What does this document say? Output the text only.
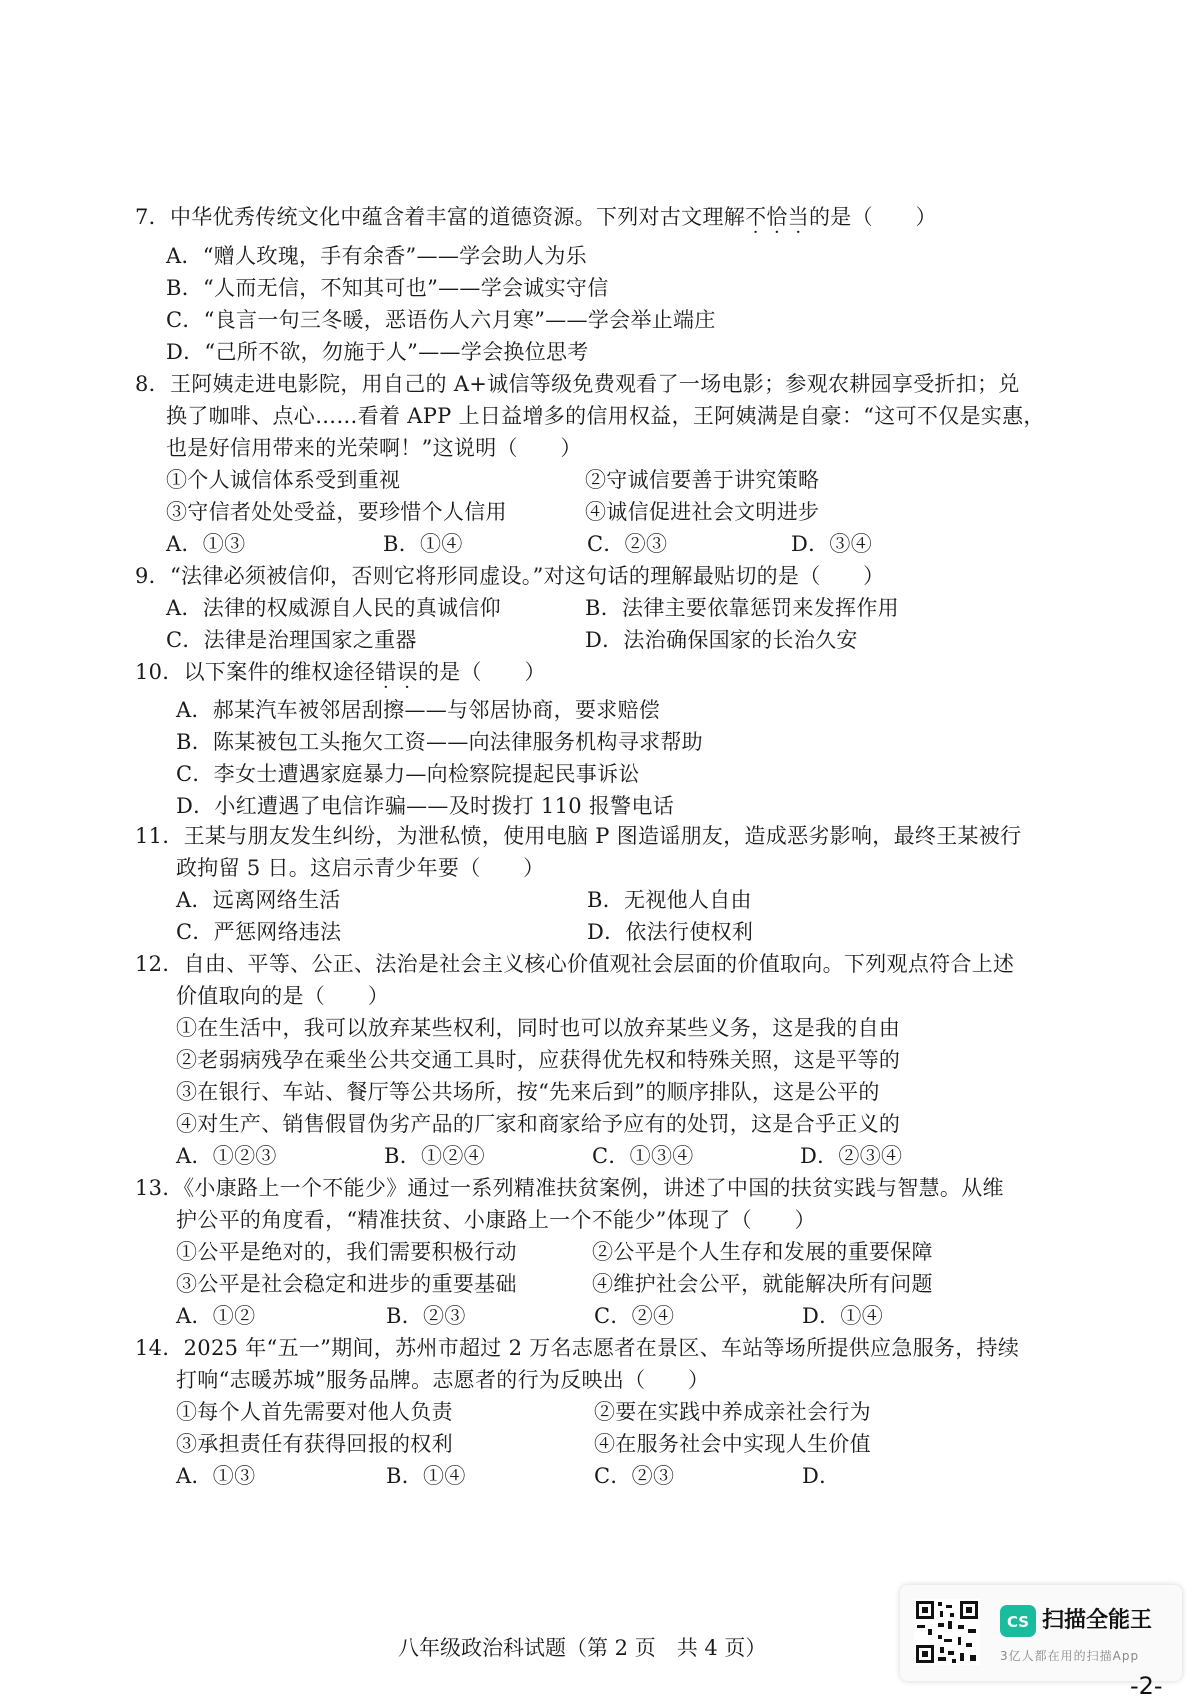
7．中华优秀传统文化中蕴含着丰富的道德资源。下列对古文理解不恰当的是（　　）
A．“赠人玫瑰，手有余香”——学会助人为乐
B．“人而无信，不知其可也”——学会诚实守信
C．“良言一句三冬暖，恶语伤人六月寒”——学会举止端庄
D．“己所不欲，勿施于人”——学会换位思考
8．王阿姨走进电影院，用自己的 A+诚信等级免费观看了一场电影；参观农耕园享受折扣；兑
换了咖啡、点心……看着 APP 上日益增多的信用权益，王阿姨满是自豪：“这可不仅是实惠，
也是好信用带来的光荣啊！”这说明（　　）
①个人诚信体系受到重视	②守诚信要善于讲究策略
③守信者处处受益，要珍惜个人信用	④诚信促进社会文明进步
A．①③	B．①④	C．②③	D．③④
9．“法律必须被信仰，否则它将形同虚设。”对这句话的理解最贴切的是（　　）
A．法律的权威源自人民的真诚信仰	B．法律主要依靠惩罚来发挥作用
C．法律是治理国家之重器	D．法治确保国家的长治久安
10．以下案件的维权途径错误的是（　　）
A．郝某汽车被邻居刮擦——与邻居协商，要求赔偿
B．陈某被包工头拖欠工资——向法律服务机构寻求帮助
C．李女士遭遇家庭暴力—向检察院提起民事诉讼
D．小红遭遇了电信诈骗——及时拨打 110 报警电话
11．王某与朋友发生纠纷，为泄私愤，使用电脑 P 图造谣朋友，造成恶劣影响，最终王某被行
政拘留 5 日。这启示青少年要（　　）
A．远离网络生活	B．无视他人自由
C．严惩网络违法	D．依法行使权利
12．自由、平等、公正、法治是社会主义核心价值观社会层面的价值取向。下列观点符合上述
价值取向的是（　　）
①在生活中，我可以放弃某些权利，同时也可以放弃某些义务，这是我的自由
②老弱病残孕在乘坐公共交通工具时，应获得优先权和特殊关照，这是平等的
③在银行、车站、餐厅等公共场所，按“先来后到”的顺序排队，这是公平的
④对生产、销售假冒伪劣产品的厂家和商家给予应有的处罚，这是合乎正义的
A．①②③	B．①②④	C．①③④	D．②③④
13．《小康路上一个不能少》通过一系列精准扶贫案例，讲述了中国的扶贫实践与智慧。从维
护公平的角度看，“精准扶贫、小康路上一个不能少”体现了（　　）
①公平是绝对的，我们需要积极行动	②公平是个人生存和发展的重要保障
③公平是社会稳定和进步的重要基础	④维护社会公平，就能解决所有问题
A．①②	B．②③	C．②④	D．①④
14．2025 年“五一”期间，苏州市超过 2 万名志愿者在景区、车站等场所提供应急服务，持续
打响“志暖苏城”服务品牌。志愿者的行为反映出（　　）
①每个人首先需要对他人负责	②要在实践中养成亲社会行为
③承担责任有获得回报的权利	④在服务社会中实现人生价值
A．①③	B．①④	C．②③	D．
八年级政治科试题（第 2 页　共 4 页）
CS 扫描全能王
3亿人都在用的扫描App
-2-
